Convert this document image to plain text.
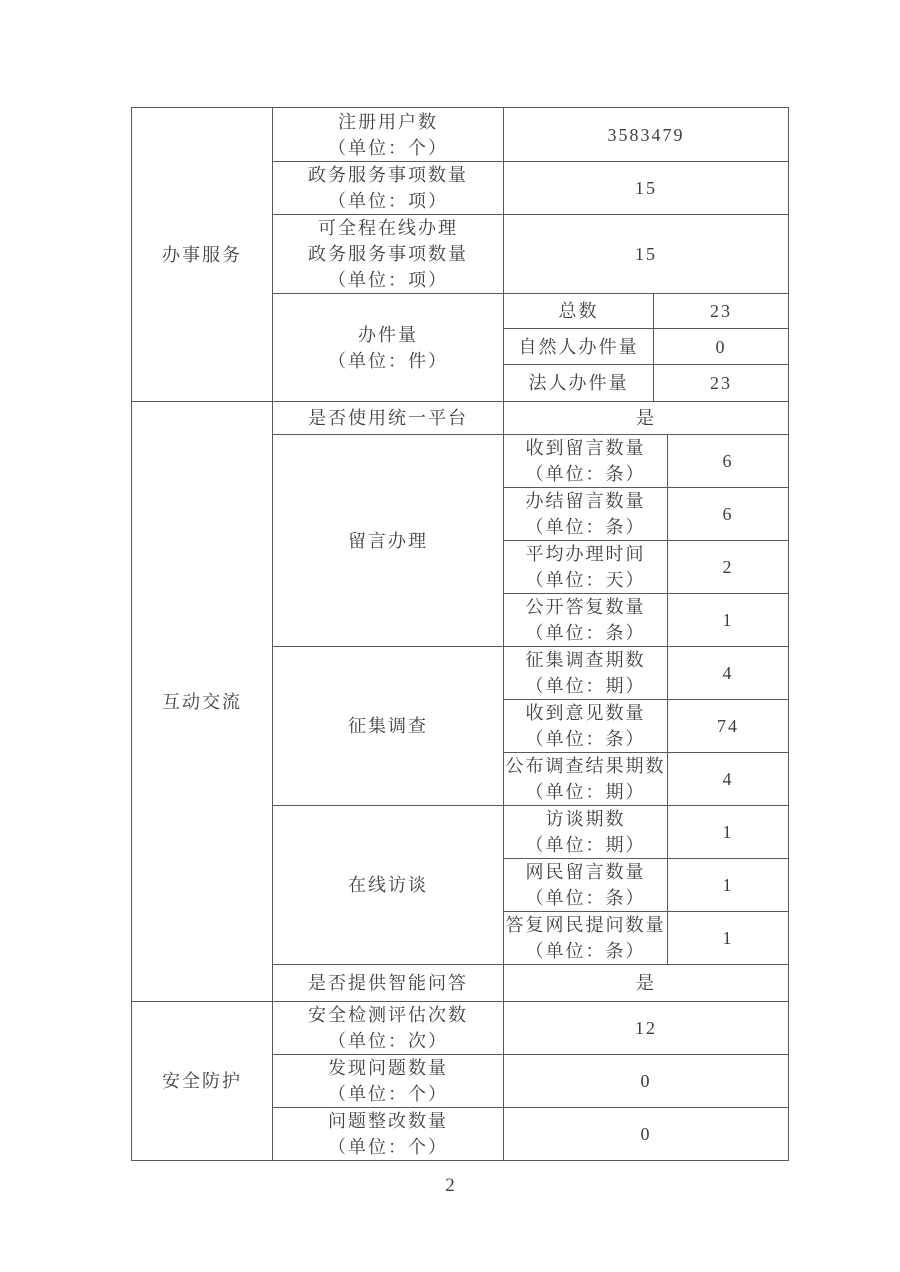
办事服务	注册用户数
（单位：个）	3583479		

	政务服务事项数量
（单位：项）	15		

	可全程在线办理
政务服务事项数量
（单位：项）	15		

	办件量
（单位：件）	总数	23	
		自然人办件量	0	
		法人办件量	23	
互动交流	是否使用统一平台	是		
	留言办理	收到留言数量
（单位：条）		6

		办结留言数量
（单位：条）		6

		平均办理时间
（单位：天）		2

		公开答复数量
（单位：条）		1
	征集调查	征集调查期数
（单位：期）		4

		收到意见数量
（单位：条）		74

		公布调查结果期数
（单位：期）		4
	在线访谈	访谈期数
（单位：期）		1

		网民留言数量
（单位：条）		1

		答复网民提问数量
（单位：条）		1
	是否提供智能问答	是		
安全防护	安全检测评估次数
（单位：次）	12		

	发现问题数量
（单位：个）	0		

	问题整改数量
（单位：个）	0		
2
